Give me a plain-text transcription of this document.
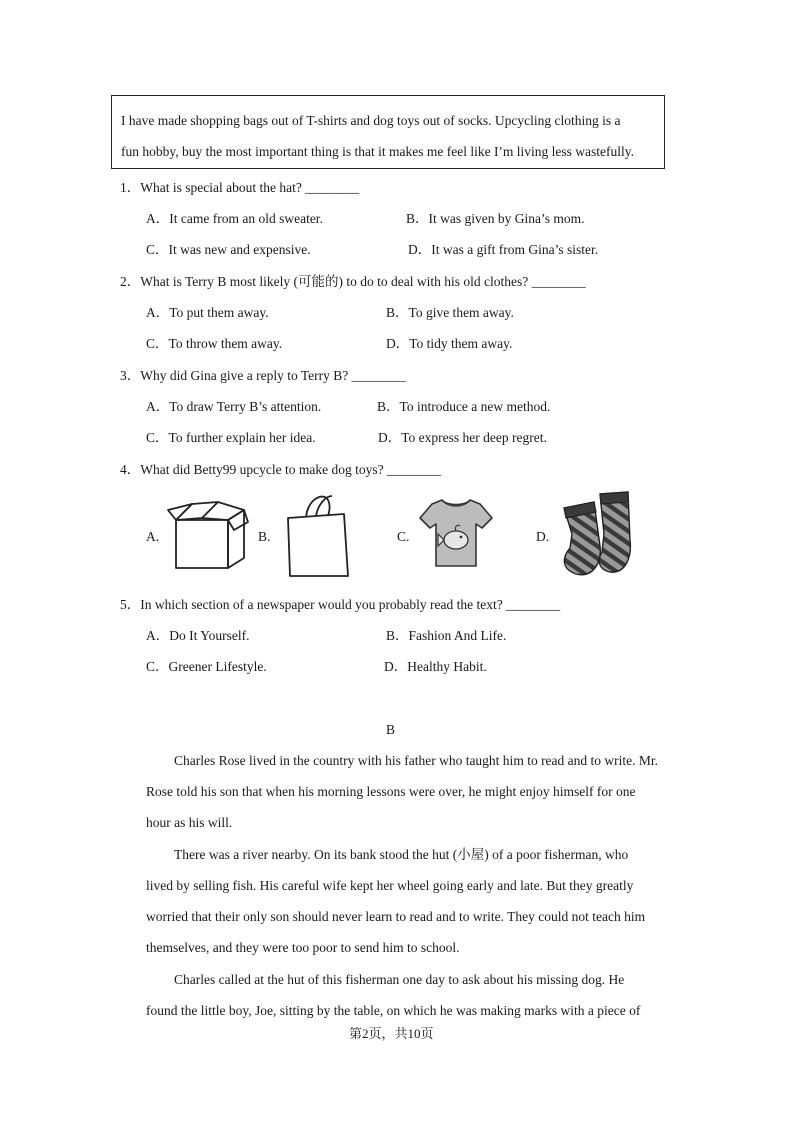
I have made shopping bags out of T-shirts and dog toys out of socks. Upcycling clothing is a
fun hobby, buy the most important thing is that it makes me feel like I’m living less wastefully.
1．What is special about the hat? ________
A．It came from an old sweater.	B．It was given by Gina’s mom.
C．It was new and expensive.	D．It was a gift from Gina’s sister.
2．What is Terry B most likely (可能的) to do to deal with his old clothes? ________
A．To put them away.	B．To give them away.
C．To throw them away.	D．To tidy them away.
3．Why did Gina give a reply to Terry B? ________
A．To draw Terry B’s attention.	B．To introduce a new method.
C．To further explain her idea.	D．To express her deep regret.
4．What did Betty99 upcycle to make dog toys? ________
A.	B.	C.	D.
5．In which section of a newspaper would you probably read the text? ________
A．Do It Yourself.	B．Fashion And Life.
C．Greener Lifestyle.	D．Healthy Habit.
B
Charles Rose lived in the country with his father who taught him to read and to write. Mr.
Rose told his son that when his morning lessons were over, he might enjoy himself for one
hour as his will.
There was a river nearby. On its bank stood the hut (小屋) of a poor fisherman, who
lived by selling fish. His careful wife kept her wheel going early and late. But they greatly
worried that their only son should never learn to read and to write. They could not teach him
themselves, and they were too poor to send him to school.
Charles called at the hut of this fisherman one day to ask about his missing dog. He
found the little boy, Joe, sitting by the table, on which he was making marks with a piece of
第2页，共10页
